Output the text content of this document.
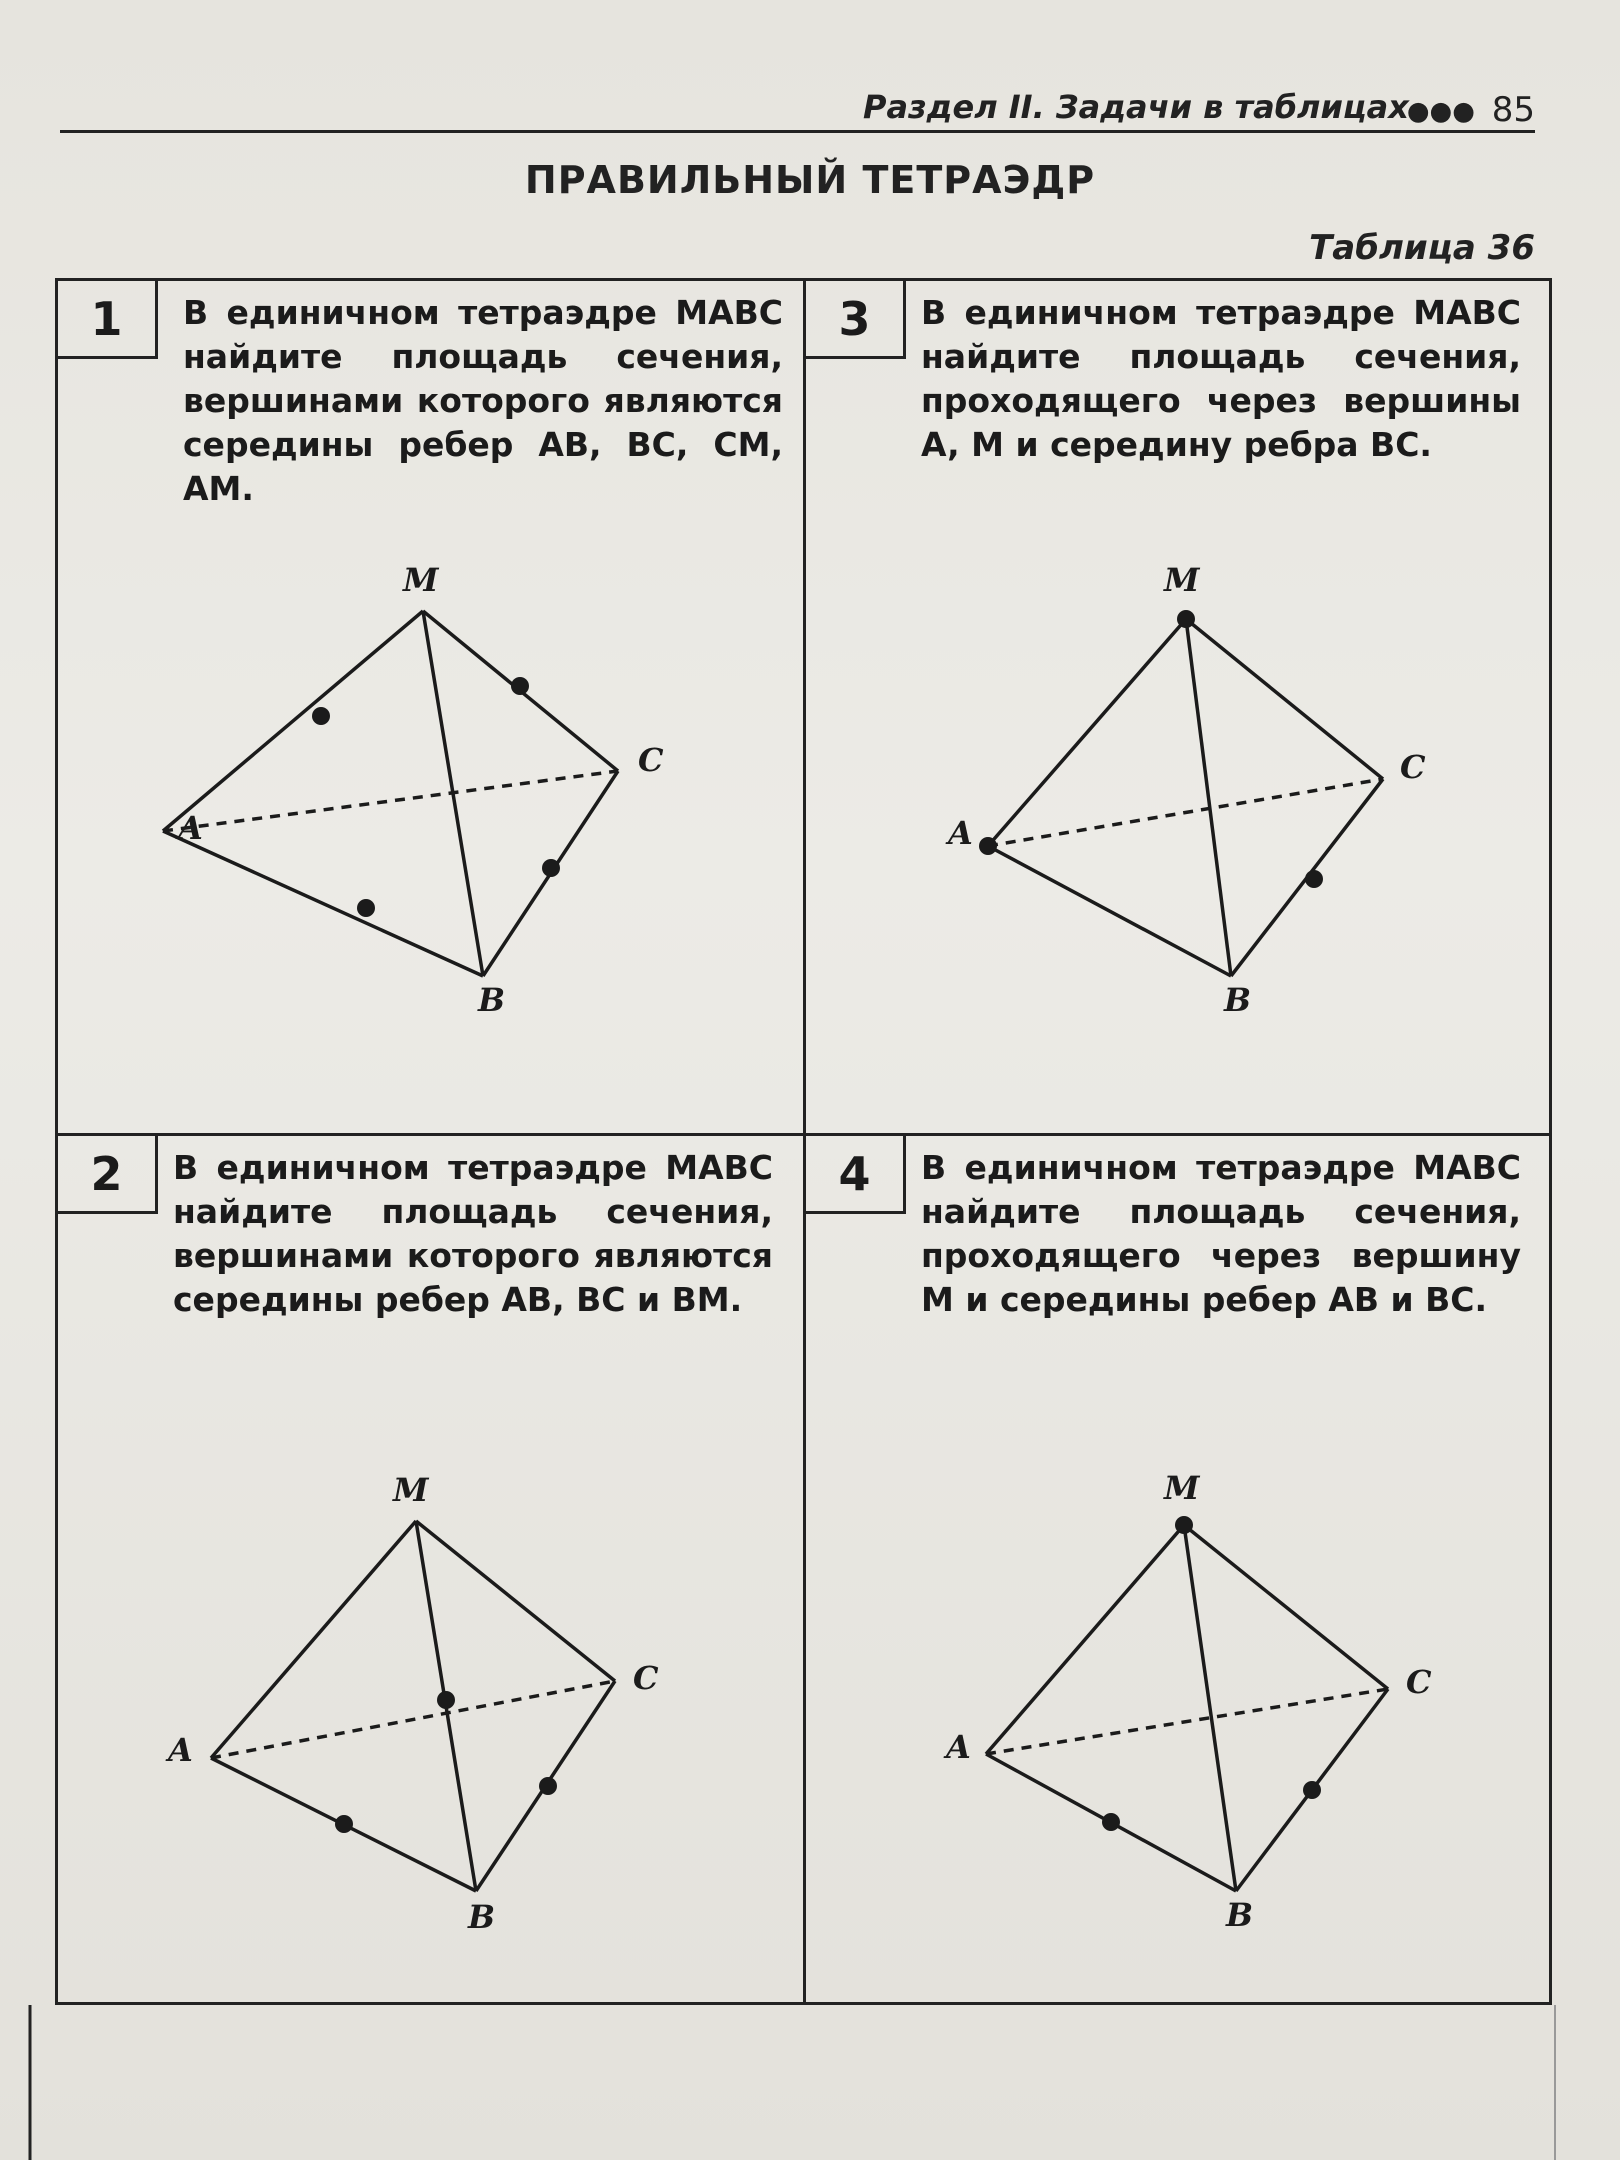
Раздел II. Задачи в таблицах
●●● 85
ПРАВИЛЬНЫЙ ТЕТРАЭДР
Таблица 36
1	В единичном тетраэдре MABC найдите площадь сечения, вершинами которого являются середины ребер AB, BC, CM, AM.
M
A
B
C
3	В единичном тетраэдре MABC найдите площадь сечения, проходящего через вершины A, M и середину ребра BC.
M
A
B
C
2	В единичном тетраэдре MABC найдите площадь сечения, вершинами которого являются середины ребер AB, BC и BM.
M
A
B
C
4	В единичном тетраэдре MABC найдите площадь сечения, проходящего через вершину M и середины ребер AB и BC.
M
A
B
C
